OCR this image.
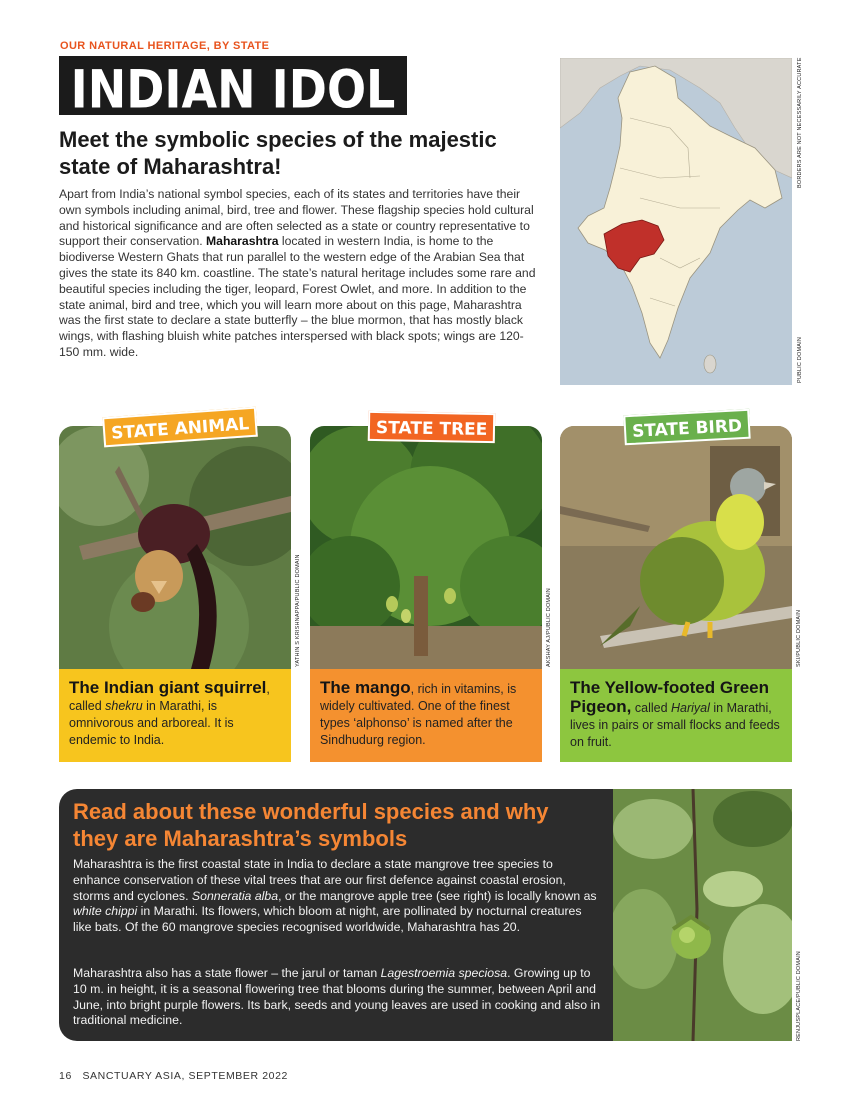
OUR NATURAL HERITAGE, BY STATE
INDIAN IDOL
Meet the symbolic species of the majestic state of Maharashtra!
Apart from India’s national symbol species, each of its states and territories have their own symbols including animal, bird, tree and flower. These flagship species hold cultural and historical significance and are often selected as a state or country representative to support their conservation. Maharashtra located in western India, is home to the biodiverse Western Ghats that run parallel to the western edge of the Arabian Sea that gives the state its 840 km. coastline. The state’s natural heritage includes some rare and beautiful species including the tiger, leopard, Forest Owlet, and more. In addition to the state animal, bird and tree, which you will learn more about on this page, Maharashtra was the first state to declare a state butterfly – the blue mormon, that has mostly black wings, with flashing bluish white patches interspersed with black spots; wings are 120-150 mm. wide.
BORDERS ARE NOT NECESSARILY ACCURATE
PUBLIC DOMAIN
STATE ANIMAL
The Indian giant squirrel, called shekru in Marathi, is omnivorous and arboreal. It is endemic to India.
YATHIN S KRISHNAPPA/PUBLIC DOMAIN
STATE TREE
The mango, rich in vitamins, is widely cultivated. One of the finest types ‘alphonso’ is named after the Sindhudurg region.
AKSHAY AJ/PUBLIC DOMAIN
STATE BIRD
The Yellow-footed Green Pigeon, called Hariyal in Marathi, lives in pairs or small flocks and feeds on fruit.
SKI/PUBLIC DOMAIN
Read about these wonderful species and why they are Maharashtra’s symbols
Maharashtra is the first coastal state in India to declare a state mangrove tree species to enhance conservation of these vital trees that are our first defence against coastal erosion, storms and cyclones. Sonneratia alba, or the mangrove apple tree (see right) is locally known as white chippi in Marathi. Its flowers, which bloom at night, are pollinated by nocturnal creatures like bats. Of the 60 mangrove species recognised worldwide, Maharashtra has 20.
Maharashtra also has a state flower – the jarul or taman Lagestroemia speciosa. Growing up to 10 m. in height, it is a seasonal flowering tree that blooms during the summer, between April and June, into bright purple flowers. Its bark, seeds and young leaves are used in cooking and also in traditional medicine.	RENJUSPLACE/PUBLIC DOMAIN
16 SANCTUARY ASIA, SEPTEMBER 2022
